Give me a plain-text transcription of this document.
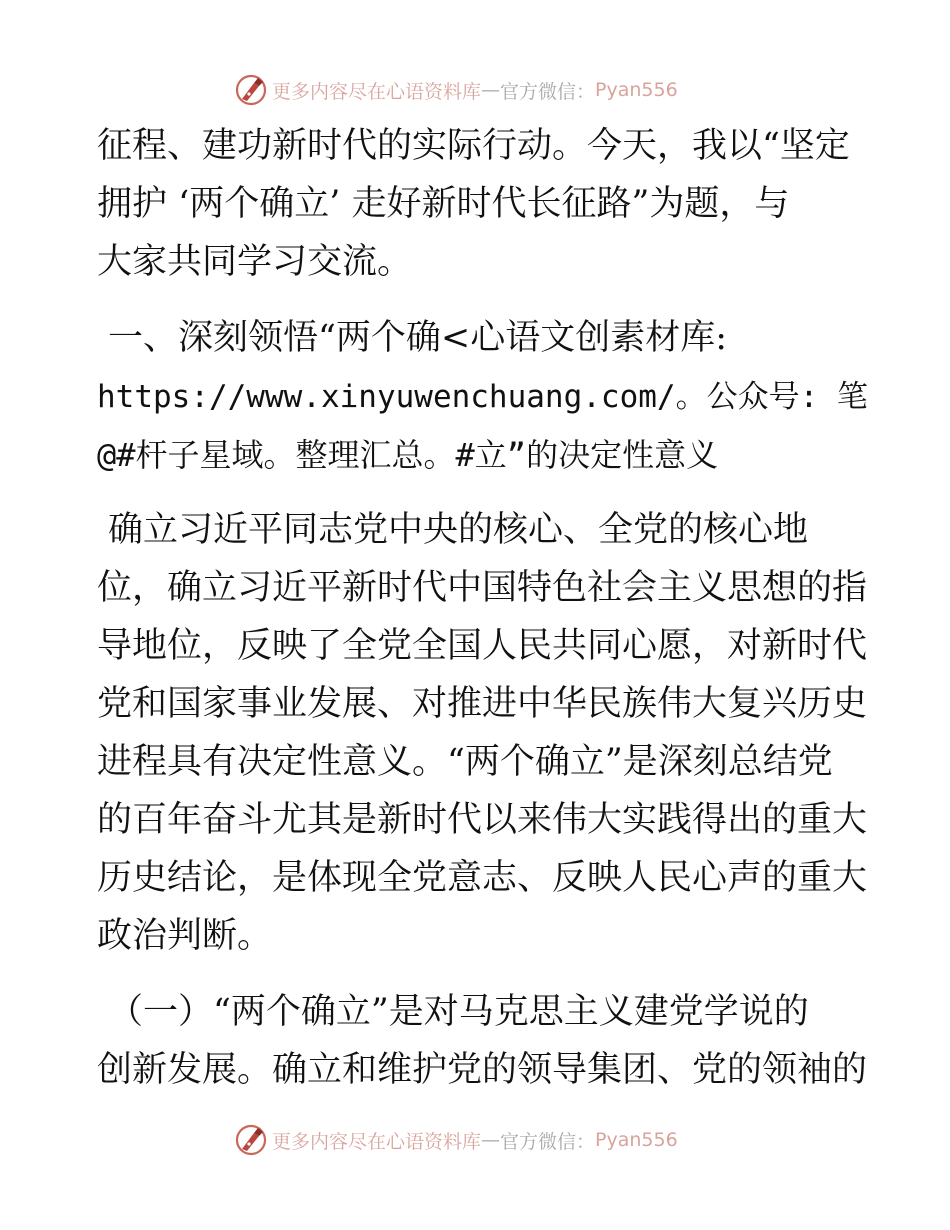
更多内容尽在心语资料库 — 官方微信： Pyan556
征程、建功新时代的实际行动。今天，我以“坚定
拥护 ‘两个确立’ 走好新时代长征路”为题，与
大家共同学习交流。
一、深刻领悟“两个确<心语文创素材库:
https://www.xinyuwenchuang.com/。公众号: 笔
@#杆子星域。整理汇总。#立”的决定性意义
确立习近平同志党中央的核心、全党的核心地
位，确立习近平新时代中国特色社会主义思想的指
导地位，反映了全党全国人民共同心愿，对新时代
党和国家事业发展、对推进中华民族伟大复兴历史
进程具有决定性意义。“两个确立”是深刻总结党
的百年奋斗尤其是新时代以来伟大实践得出的重大
历史结论，是体现全党意志、反映人民心声的重大
政治判断。
（一）“两个确立”是对马克思主义建党学说的
创新发展。确立和维护党的领导集团、党的领袖的
更多内容尽在心语资料库 — 官方微信： Pyan556
